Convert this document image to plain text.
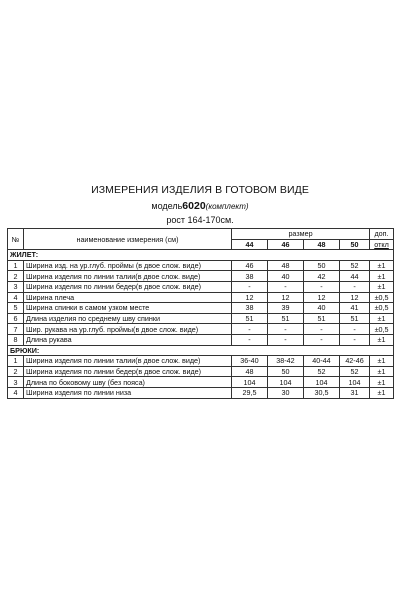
ИЗМЕРЕНИЯ ИЗДЕЛИЯ В ГОТОВОМ ВИДЕ
модель6020(комплект)
рост 164-170см.
№	наименование измерения (см)	размер				доп.
		44	46	48	50	откл
ЖИЛЕТ:						
1	Ширина изд. на ур.глуб. проймы (в двое слож. виде)	46	48	50	52	±1
2	Ширина изделия по линии талии(в двое слож. виде)	38	40	42	44	±1
3	Ширина изделия по линии бедер(в двое слож. виде)	-	-	-	-	±1
4	Ширина плеча	12	12	12	12	±0,5
5	Ширина спинки в самом узком месте	38	39	40	41	±0,5
6	Длина изделия по среднему шву спинки	51	51	51	51	±1
7	Шир. рукава на ур.глуб. проймы(в двое слож. виде)	-	-	-	-	±0,5
8	Длина рукава	-	-	-	-	±1
БРЮКИ:						
1	Ширина изделия по линии талии(в двое слож. виде)	36-40	38-42	40-44	42-46	±1
2	Ширина изделия по линии бедер(в двое слож. виде)	48	50	52	52	±1
3	Длина по боковому шву (без пояса)	104	104	104	104	±1
4	Ширина изделия по линии низа	29,5	30	30,5	31	±1
